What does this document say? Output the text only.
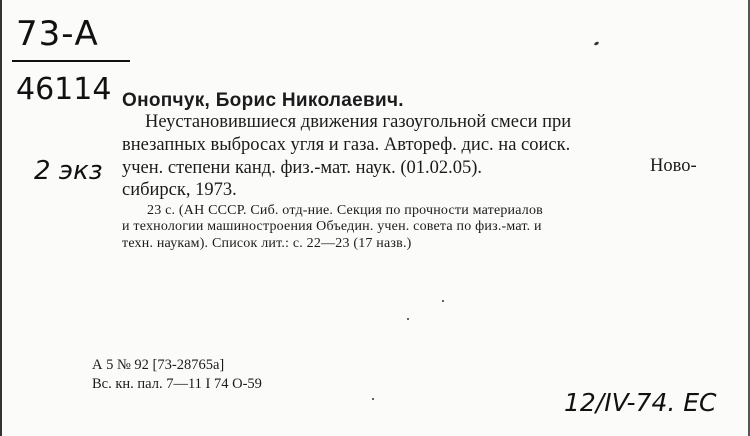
73-А
46114
2 экз
Онопчук, Борис Николаевич.
Неустановившиеся движения газоугольной смеси при
внезапных выбросах угля и газа. Автореф. дис. на соиск.
учен. степени канд. физ.-мат. наук. (01.02.05).	Ново-
сибирск, 1973.
23 с. (АН СССР. Сиб. отд-ние. Секция по прочности материалов
и технологии машиностроения Объедин. учен. совета по физ.-мат. и
техн. наукам). Список лит.: с. 22—23 (17 назв.)
А 5 № 92 [73-28765а]
Вс. кн. пал. 7—11 I 74 О-59
12/IV-74. ЕС
